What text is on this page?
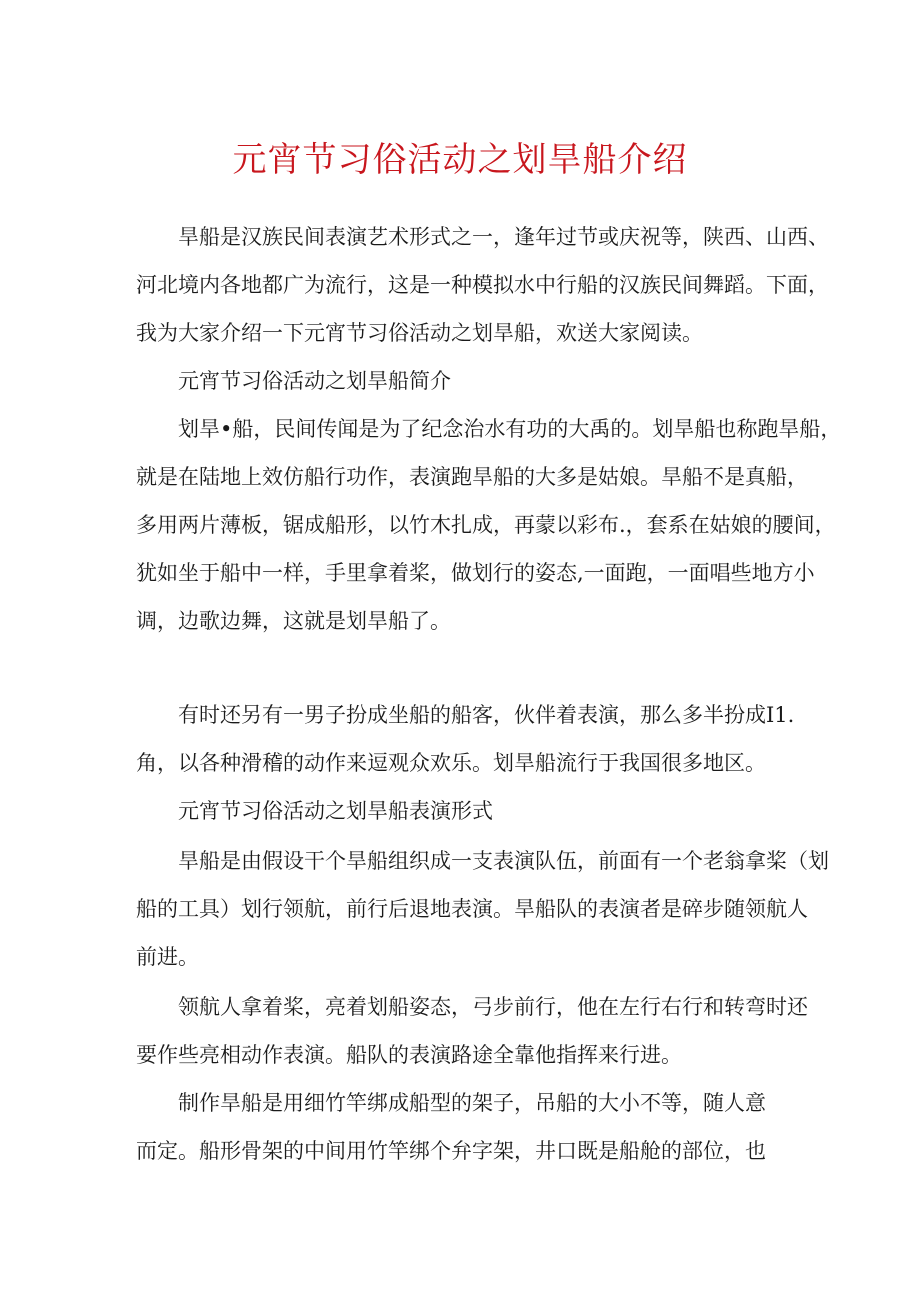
元宵节习俗活动之划旱船介绍
旱船是汉族民间表演艺术形式之一，逢年过节或庆祝等，陕西、山西、
河北境内各地都广为流行，这是一种模拟水中行船的汉族民间舞蹈。下面，
我为大家介绍一下元宵节习俗活动之划旱船，欢送大家阅读。
元宵节习俗活动之划旱船简介
划旱•船，民间传闻是为了纪念治水有功的大禹的。划旱船也称跑旱船，
就是在陆地上效仿船行功作，表演跑旱船的大多是姑娘。旱船不是真船，
多用两片薄板，锯成船形，以竹木扎成，再蒙以彩布.，套系在姑娘的腰间，
犹如坐于船中一样，手里拿着桨，做划行的姿态,一面跑，一面唱些地方小
调，边歌边舞，这就是划旱船了。
有时还另有一男子扮成坐船的船客，伙伴着表演，那么多半扮成I1.
角，以各种滑稽的动作来逗观众欢乐。划旱船流行于我国很多地区。
元宵节习俗活动之划旱船表演形式
旱船是由假设干个旱船组织成一支表演队伍，前面有一个老翁拿桨（划
船的工具）划行领航，前行后退地表演。旱船队的表演者是碎步随领航人
前进。
领航人拿着桨，亮着划船姿态，弓步前行，他在左行右行和转弯时还
要作些亮相动作表演。船队的表演路途全靠他指挥来行进。
制作旱船是用细竹竿绑成船型的架子，吊船的大小不等，随人意
而定。船形骨架的中间用竹竿绑个弁字架，井口既是船舱的部位，也
